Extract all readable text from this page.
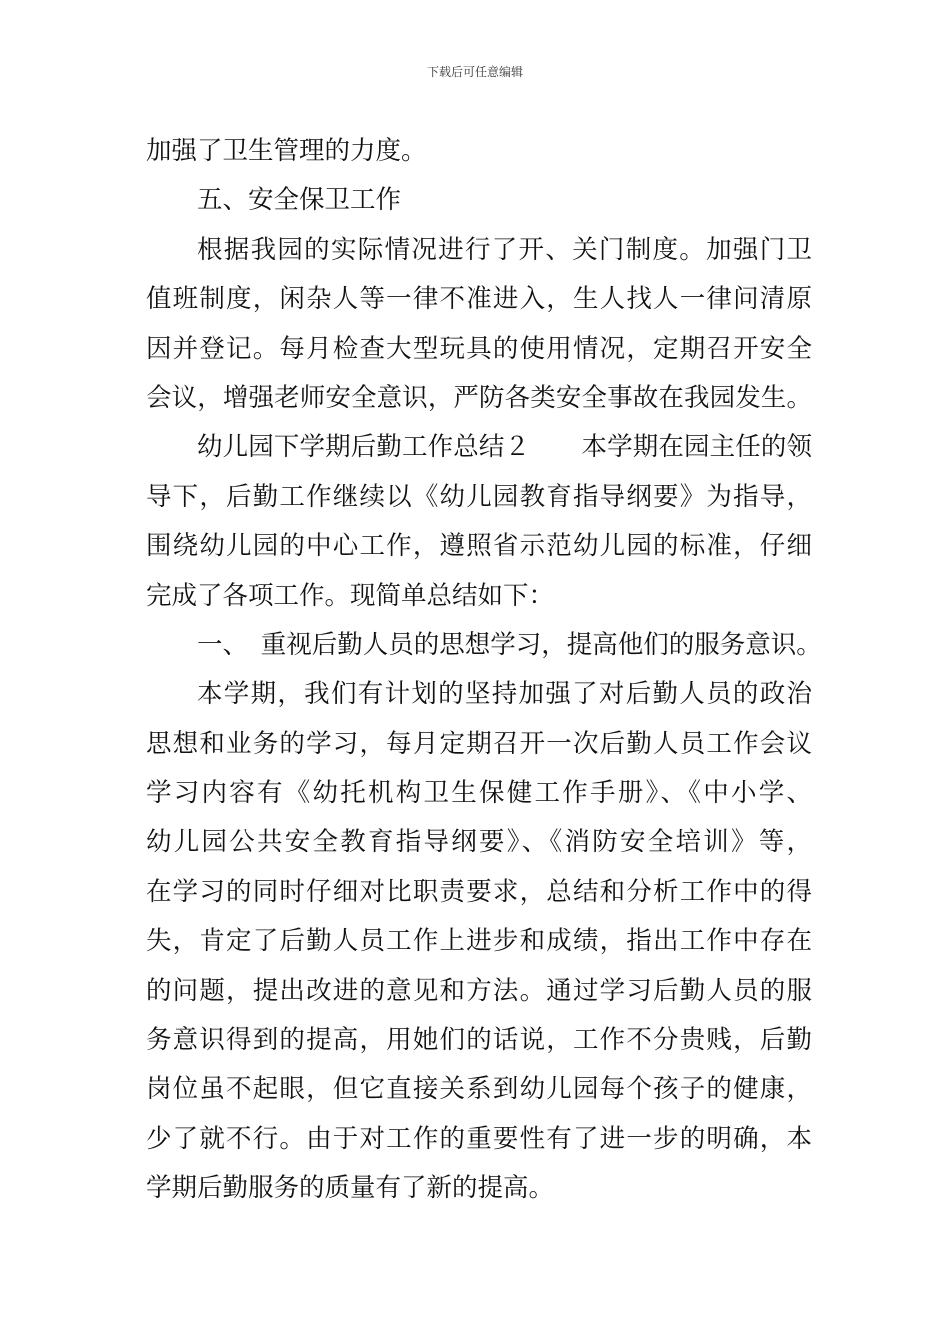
下载后可任意编辑
加强了卫生管理的力度。
五、安全保卫工作
根据我园的实际情况进行了开、关门制度。加强门卫
值班制度，闲杂人等一律不准进入，生人找人一律问清原
因并登记。每月检查大型玩具的使用情况，定期召开安全
会议，增强老师安全意识，严防各类安全事故在我园发生。
幼儿园下学期后勤工作总结２　　本学期在园主任的领
导下，后勤工作继续以《幼儿园教育指导纲要》为指导，
围绕幼儿园的中心工作，遵照省示范幼儿园的标准，仔细
完成了各项工作。现简单总结如下：
一、　重视后勤人员的思想学习，提高他们的服务意识。
本学期，我们有计划的坚持加强了对后勤人员的政治
思想和业务的学习，每月定期召开一次后勤人员工作会议
学习内容有《幼托机构卫生保健工作手册》、《中小学、
幼儿园公共安全教育指导纲要》、《消防安全培训》等，
在学习的同时仔细对比职责要求，总结和分析工作中的得
失，肯定了后勤人员工作上进步和成绩，指出工作中存在
的问题，提出改进的意见和方法。通过学习后勤人员的服
务意识得到的提高，用她们的话说，工作不分贵贱，后勤
岗位虽不起眼，但它直接关系到幼儿园每个孩子的健康，
少了就不行。由于对工作的重要性有了进一步的明确，本
学期后勤服务的质量有了新的提高。
